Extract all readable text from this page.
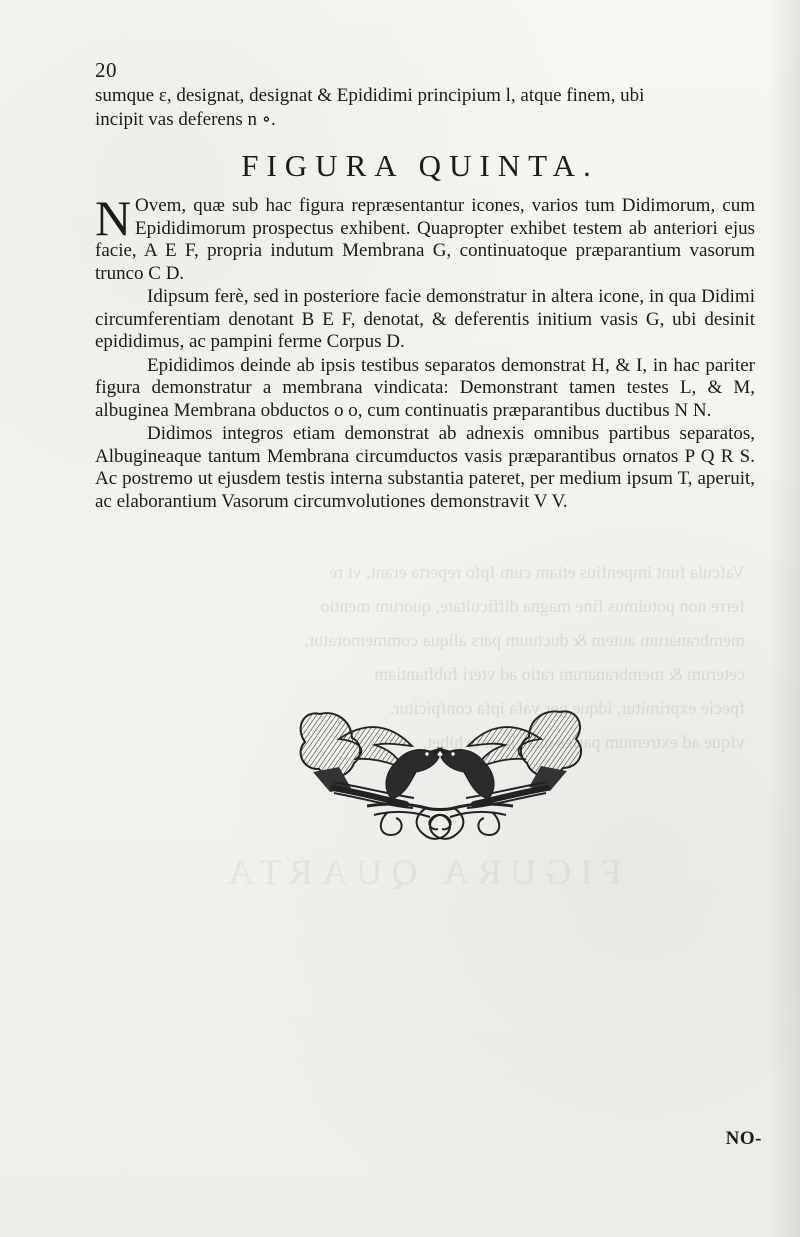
Vafcula funt impenfius etiam cum Ipfo reperta erant, vt re
ferre non potuimus fine magna difficultate, quorum mentio
membranarum autem & ductuum pars aliqua commemoratur,
ceterum & membranarum ratio ad vteri fubftantiam
fpecie exprimitur, idque per vafa ipfa confpicitur.
vfque ad extremum partes quas icon exhibet.
FIGURA QUARTA
20
sumque ε, designat, designat & Epididimi principium l, atque finem, ubi
incipit vas deferens n ∘.
FIGURA QUINTA.

N Ovem, quæ sub hac figura repræsentantur icones, varios tum Didimorum, cum Epididimorum prospectus exhibent. Quapropter exhibet testem ab anteriori ejus facie, A E F, propria indutum Membrana G, continuatoque præparantium vasorum trunco C D.

Idipsum ferè, sed in posteriore facie demonstratur in altera icone, in qua Didimi circumferentiam denotant B E F, denotat, & deferentis initium vasis G, ubi desinit epididimus, ac pampini ferme Corpus D.

Epididimos deinde ab ipsis testibus separatos demonstrat H, & I, in hac pariter figura demonstratur a membrana vindicata: Demonstrant tamen testes L, & M, albuginea Membrana obductos o o, cum continuatis præparantibus ductibus N N.

Didimos integros etiam demonstrat ab adnexis omnibus partibus separatos, Albugineaque tantum Membrana circumductos vasis præparantibus ornatos P Q R S. Ac postremo ut ejusdem testis interna substantia pateret, per medium ipsum T, aperuit, ac elaborantium Vasorum circumvolutiones demonstravit V V.

NO-
